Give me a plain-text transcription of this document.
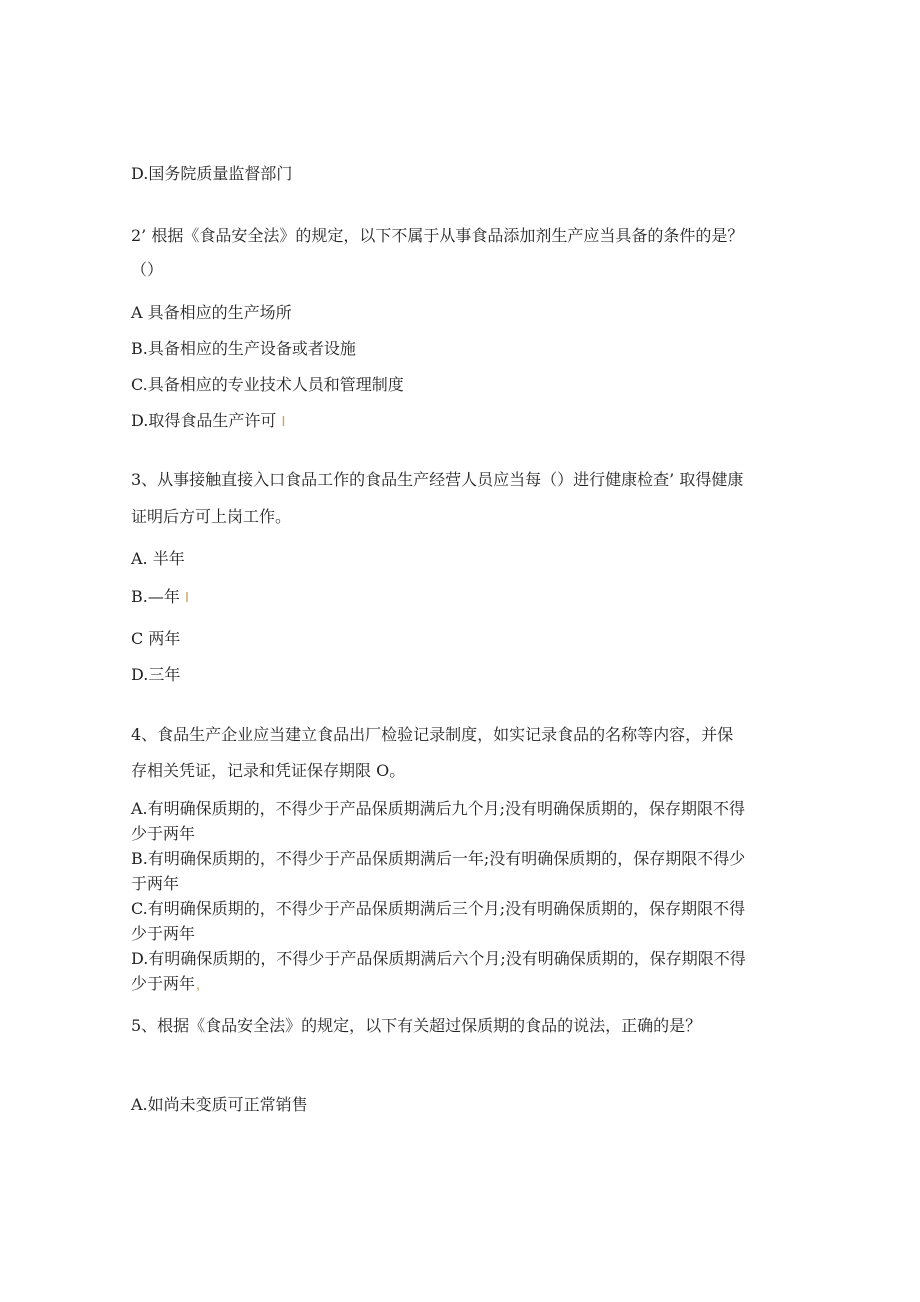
D.国务院质量监督部门
2’ 根据《食品安全法》的规定，以下不属于从事食品添加剂生产应当具备的条件的是？
（）
A 具备相应的生产场所
B.具备相应的生产设备或者设施
C.具备相应的专业技术人员和管理制度
D.取得食品生产许可 I
3、从事接触直接入口食品工作的食品生产经营人员应当每（）进行健康检查’ 取得健康
证明后方可上岗工作。
A. 半年
B.—年 I
C 两年
D.三年
4、食品生产企业应当建立食品出厂检验记录制度，如实记录食品的名称等内容，并保
存相关凭证，记录和凭证保存期限 O。
A.有明确保质期的，不得少于产品保质期满后九个月;没有明确保质期的，保存期限不得
少于两年
B.有明确保质期的，不得少于产品保质期满后一年;没有明确保质期的，保存期限不得少
于两年
C.有明确保质期的，不得少于产品保质期满后三个月;没有明确保质期的，保存期限不得
少于两年
D.有明确保质期的，不得少于产品保质期满后六个月;没有明确保质期的，保存期限不得
少于两年,
5、根据《食品安全法》的规定，以下有关超过保质期的食品的说法，正确的是？
A.如尚未变质可正常销售
